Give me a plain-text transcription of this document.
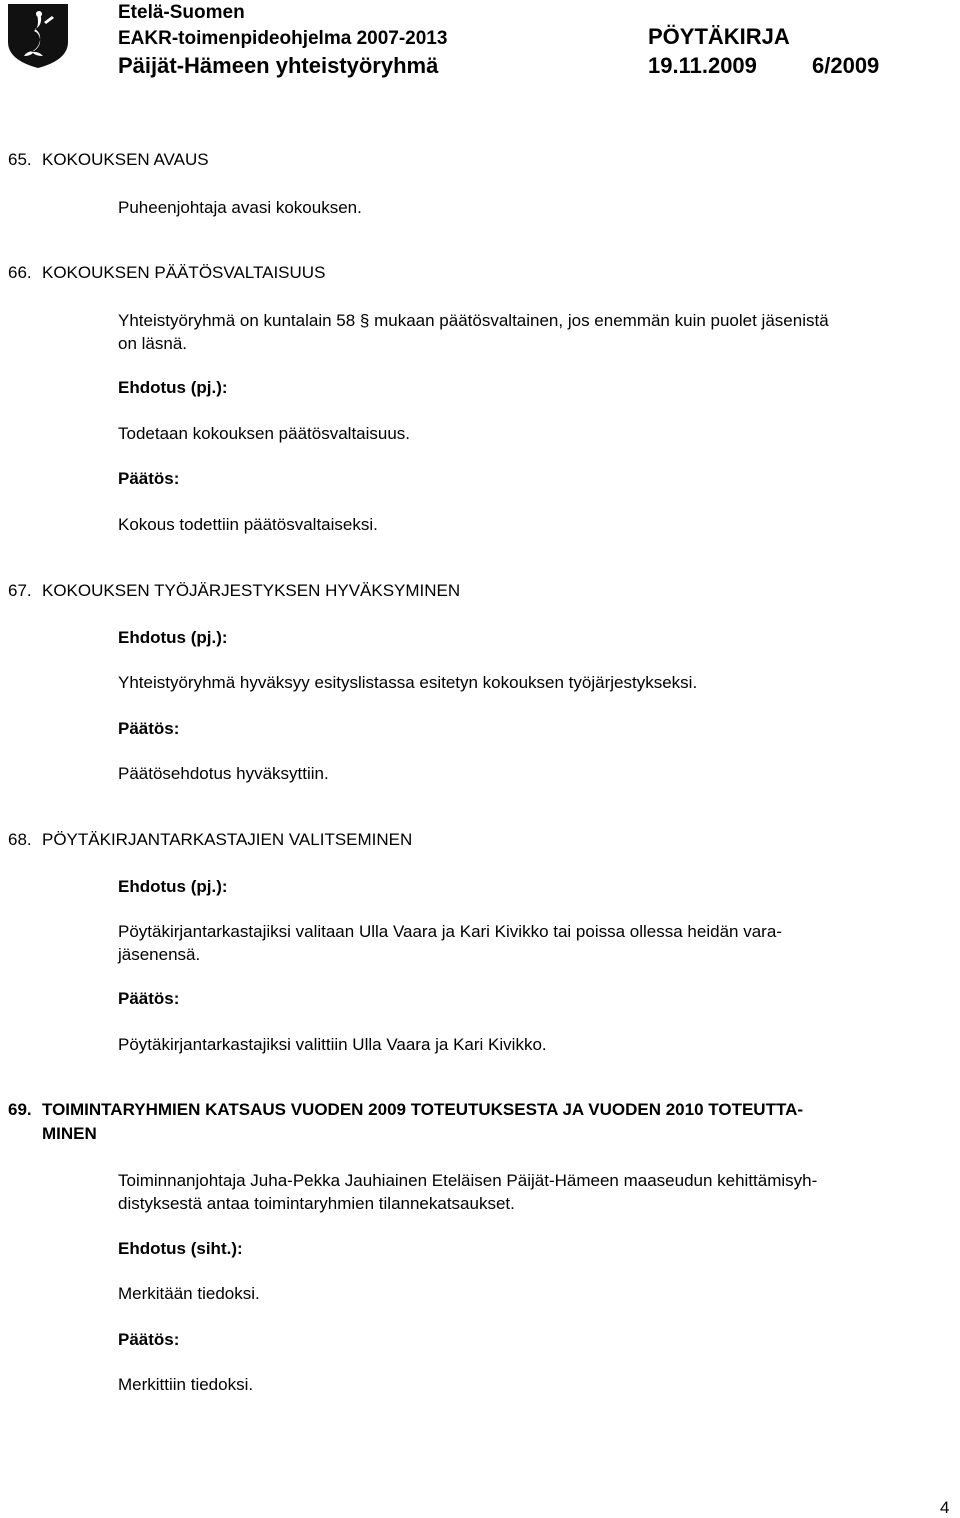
Etelä-Suomen
EAKR-toimenpideohjelma 2007-2013	PÖYTÄKIRJA
Päijät-Hämeen yhteistyöryhmä	19.11.2009	6/2009
65. KOKOUKSEN AVAUS
Puheenjohtaja avasi kokouksen.
66. KOKOUKSEN PÄÄTÖSVALTAISUUS
Yhteistyöryhmä on kuntalain 58 § mukaan päätösvaltainen, jos enemmän kuin puolet jäsenistä
on läsnä.
Ehdotus (pj.):
Todetaan kokouksen päätösvaltaisuus.
Päätös:
Kokous todettiin päätösvaltaiseksi.
67. KOKOUKSEN TYÖJÄRJESTYKSEN HYVÄKSYMINEN
Ehdotus (pj.):
Yhteistyöryhmä hyväksyy esityslistassa esitetyn kokouksen työjärjestykseksi.
Päätös:
Päätösehdotus hyväksyttiin.
68. PÖYTÄKIRJANTARKASTAJIEN VALITSEMINEN
Ehdotus (pj.):
Pöytäkirjantarkastajiksi valitaan Ulla Vaara ja Kari Kivikko tai poissa ollessa heidän vara-
jäsenensä.
Päätös:
Pöytäkirjantarkastajiksi valittiin Ulla Vaara ja Kari Kivikko.
69. TOIMINTARYHMIEN KATSAUS VUODEN 2009 TOTEUTUKSESTA JA VUODEN 2010 TOTEUTTA-
MINEN
Toiminnanjohtaja Juha-Pekka Jauhiainen Eteläisen Päijät-Hämeen maaseudun kehittämisyh-
distyksestä antaa toimintaryhmien tilannekatsaukset.
Ehdotus (siht.):
Merkitään tiedoksi.
Päätös:
Merkittiin tiedoksi.
4
